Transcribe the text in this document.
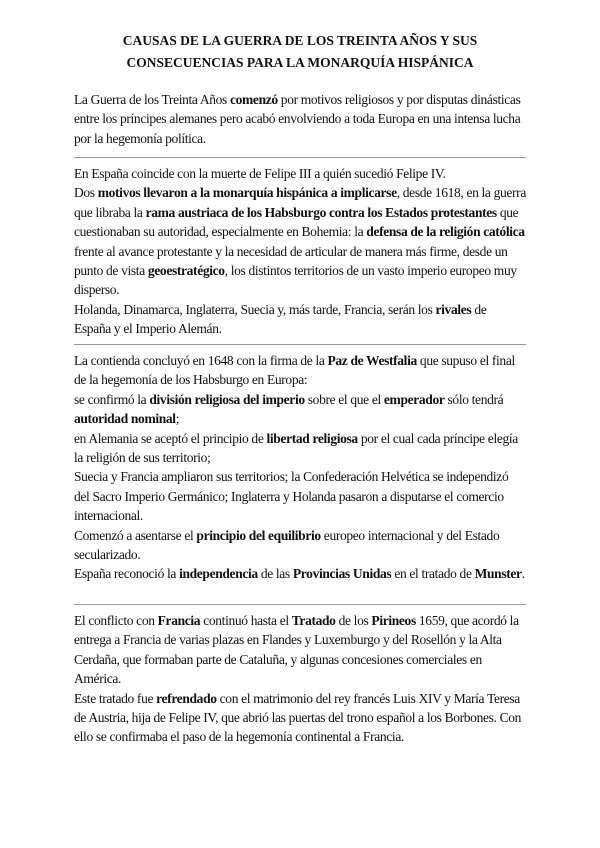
CAUSAS DE LA GUERRA DE LOS TREINTA AÑOS Y SUS
CONSECUENCIAS PARA LA MONARQUÍA HISPÁNICA

La Guerra de los Treinta Años comenzó por motivos religiosos y por disputas dinásticas entre los príncipes alemanes pero acabó envolviendo a toda Europa en una intensa lucha por la hegemonía política.

En España coincide con la muerte de Felipe III a quién sucedió Felipe IV.

Dos motivos llevaron a la monarquía hispánica a implicarse, desde 1618, en la guerra que libraba la rama austriaca de los Habsburgo contra los Estados protestantes que cuestionaban su autoridad, especialmente en Bohemia: la defensa de la religión católica frente al avance protestante y la necesidad de articular de manera más firme, desde un punto de vista geoestratégico, los distintos territorios de un vasto imperio europeo muy disperso.

Holanda, Dinamarca, Inglaterra, Suecia y, más tarde, Francia, serán los rivales de España y el Imperio Alemán.

La contienda concluyó en 1648 con la firma de la Paz de Westfalia que supuso el final de la hegemonía de los Habsburgo en Europa:

se confirmó la división religiosa del imperio sobre el que el emperador sólo tendrá autoridad nominal;

en Alemania se aceptó el principio de libertad religiosa por el cual cada príncipe elegía la religión de sus territorio;

Suecia y Francia ampliaron sus territorios; la Confederación Helvética se independizó del Sacro Imperio Germánico; Inglaterra y Holanda pasaron a disputarse el comercio internacional.

Comenzó a asentarse el principio del equilibrio europeo internacional y del Estado secularizado.

España reconoció la independencia de las Provincias Unidas en el tratado de Munster.

El conflicto con Francia continuó hasta el Tratado de los Pirineos 1659, que acordó la entrega a Francia de varias plazas en Flandes y Luxemburgo y del Rosellón y la Alta Cerdaña, que formaban parte de Cataluña, y algunas concesiones comerciales en América.

Este tratado fue refrendado con el matrimonio del rey francés Luis XIV y María Teresa de Austria, hija de Felipe IV, que abrió las puertas del trono español a los Borbones. Con ello se confirmaba el paso de la hegemonía continental a Francia.
